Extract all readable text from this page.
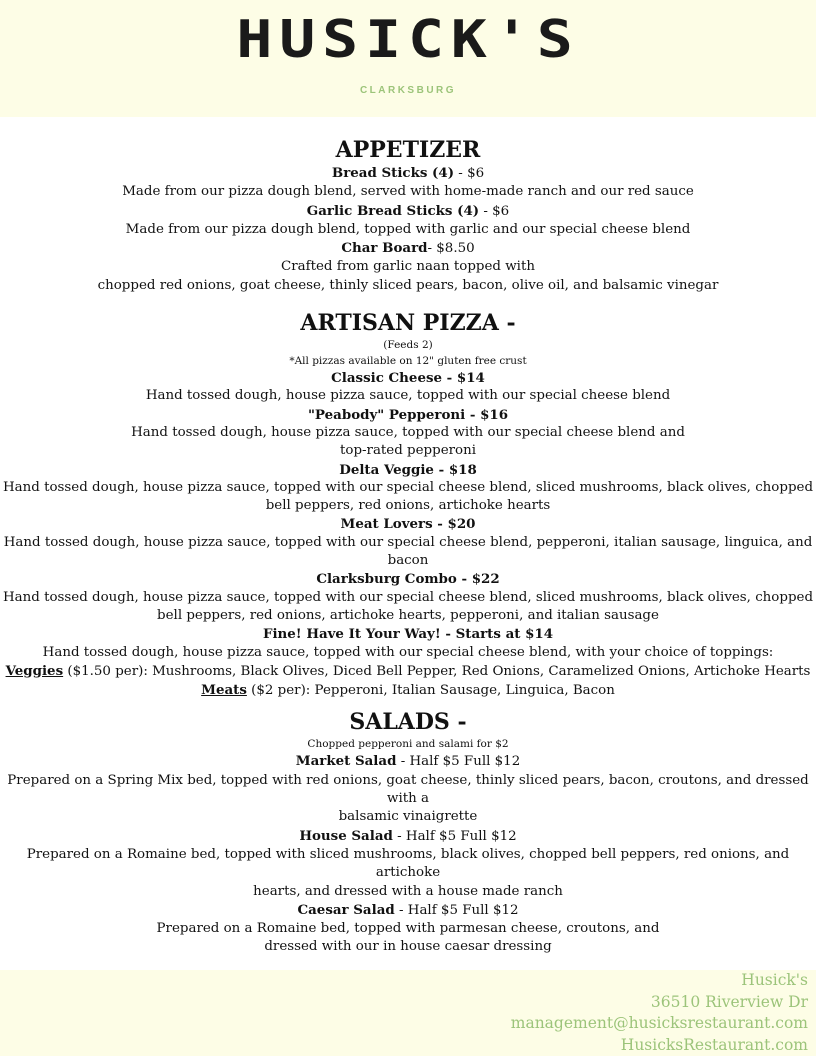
HUSICK'S
CLARKSBURG
APPETIZER

Bread Sticks (4) - $6

Made from our pizza dough blend, served with home-made ranch and our red sauce

Garlic Bread Sticks (4) - $6

Made from our pizza dough blend, topped with garlic and our special cheese blend

Char Board- $8.50

Crafted from garlic naan topped with

chopped red onions, goat cheese, thinly sliced pears, bacon, olive oil, and balsamic vinegar

ARTISAN PIZZA -

(Feeds 2)

*All pizzas available on 12" gluten free crust

Classic Cheese - $14

Hand tossed dough, house pizza sauce, topped with our special cheese blend

"Peabody" Pepperoni - $16

Hand tossed dough, house pizza sauce, topped with our special cheese blend and

top-rated pepperoni

Delta Veggie - $18

Hand tossed dough, house pizza sauce, topped with our special cheese blend, sliced mushrooms, black olives, chopped

bell peppers, red onions, artichoke hearts

Meat Lovers - $20

Hand tossed dough, house pizza sauce, topped with our special cheese blend, pepperoni, italian sausage, linguica, and

bacon

Clarksburg Combo - $22

Hand tossed dough, house pizza sauce, topped with our special cheese blend, sliced mushrooms, black olives, chopped

bell peppers, red onions, artichoke hearts, pepperoni, and italian sausage

Fine! Have It Your Way! - Starts at $14

Hand tossed dough, house pizza sauce, topped with our special cheese blend, with your choice of toppings:

Veggies ($1.50 per): Mushrooms, Black Olives, Diced Bell Pepper, Red Onions, Caramelized Onions, Artichoke Hearts

Meats ($2 per): Pepperoni, Italian Sausage, Linguica, Bacon

SALADS -

Chopped pepperoni and salami for $2

Market Salad - Half $5 Full $12

Prepared on a Spring Mix bed, topped with red onions, goat cheese, thinly sliced pears, bacon, croutons, and dressed with a

balsamic vinaigrette

House Salad - Half $5 Full $12

Prepared on a Romaine bed, topped with sliced mushrooms, black olives, chopped bell peppers, red onions, and artichoke

hearts, and dressed with a house made ranch

Caesar Salad - Half $5 Full $12

Prepared on a Romaine bed, topped with parmesan cheese, croutons, and

dressed with our in house caesar dressing

Husick's
36510 Riverview Dr
management@husicksrestaurant.com
HusicksRestaurant.com
